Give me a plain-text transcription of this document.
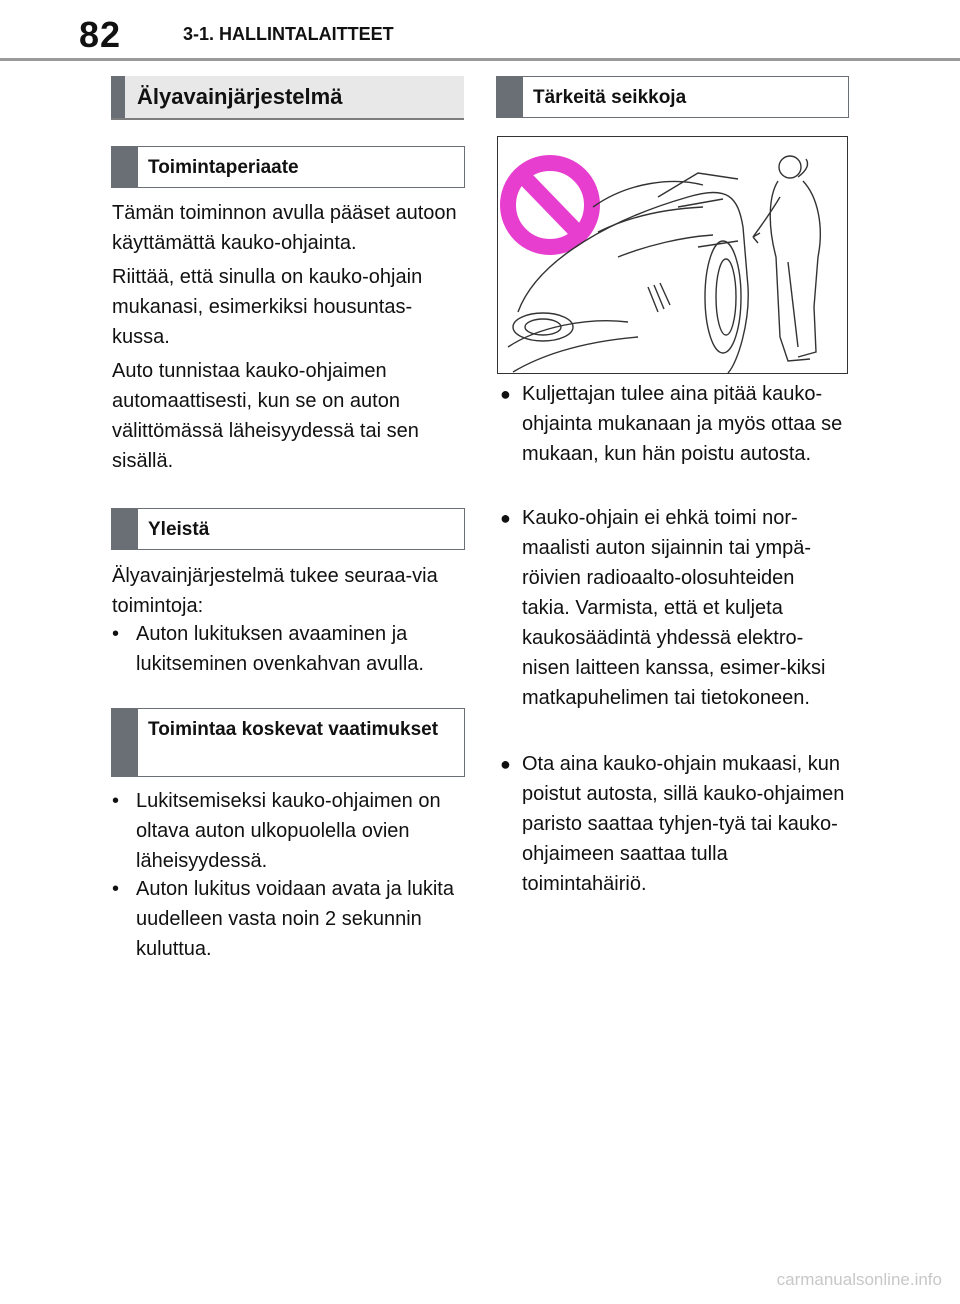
82	3-1. HALLINTALAITTEET
Älyavainjärjestelmä
Toimintaperiaate

Tämän toiminnon avulla pääset autoon käyttämättä kauko-ohjainta.

Riittää, että sinulla on kauko-ohjain mukanasi, esimerkiksi housuntas-kussa.

Auto tunnistaa kauko-ohjaimen automaattisesti, kun se on auton välittömässä läheisyydessä tai sen sisällä.

Yleistä

Älyavainjärjestelmä tukee seuraa-via toimintoja:

• Auton lukituksen avaaminen ja lukitseminen ovenkahvan avulla.
Toimintaa koskevat vaatimukset
• Lukitsemiseksi kauko-ohjaimen on oltava auton ulkopuolella ovien läheisyydessä.
• Auton lukitus voidaan avata ja lukita uudelleen vasta noin 2 sekunnin kuluttua.
Tärkeitä seikkoja
● Kuljettajan tulee aina pitää kauko-ohjainta mukanaan ja myös ottaa se mukaan, kun hän poistu autosta.
● Kauko-ohjain ei ehkä toimi nor-maalisti auton sijainnin tai ympä-röivien radioaalto-olosuhteiden takia. Varmista, että et kuljeta kaukosäädintä yhdessä elektro-nisen laitteen kanssa, esimer-kiksi matkapuhelimen tai tietokoneen.
● Ota aina kauko-ohjain mukaasi, kun poistut autosta, sillä kauko-ohjaimen paristo saattaa tyhjen-tyä tai kauko-ohjaimeen saattaa tulla toimintahäiriö.
carmanualsonline.info
